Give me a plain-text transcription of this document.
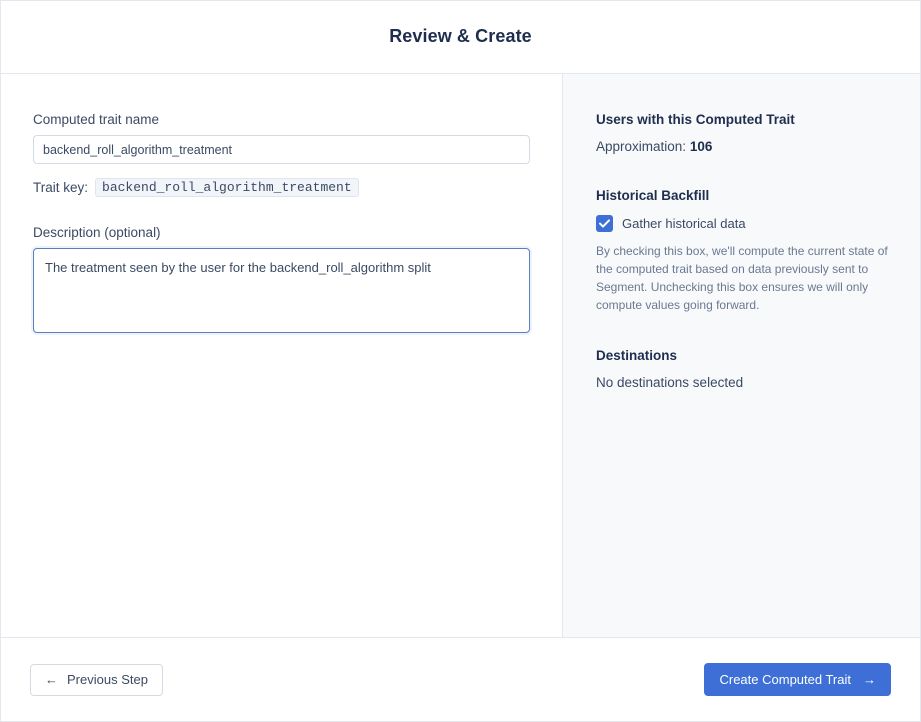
Review & Create
Computed trait name
backend_roll_algorithm_treatment
Trait key:	backend_roll_algorithm_treatment
Description (optional)
The treatment seen by the user for the backend_roll_algorithm split
Users with this Computed Trait

Approximation: 106

Historical Backfill
Gather historical data

By checking this box, we'll compute the current state of the computed trait based on data previously sent to Segment. Unchecking this box ensures we will only compute values going forward.

Destinations

No destinations selected

← Previous Step	Create Computed Trait →
